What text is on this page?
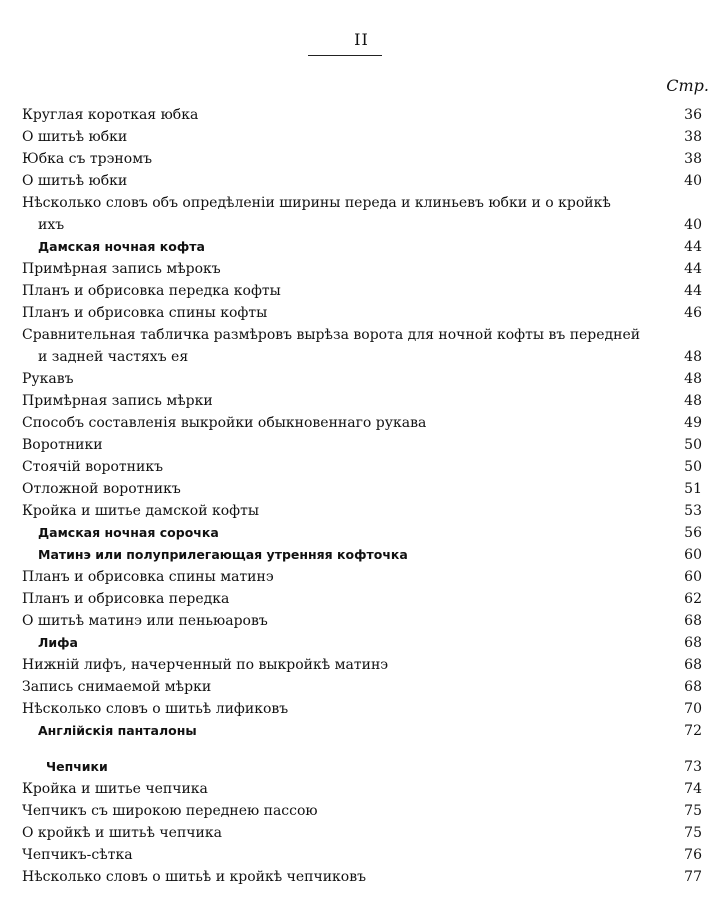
II
Стр.
Круглая короткая юбка . . .	36
О шитьѣ юбки . . .	38
Юбка съ трэномъ . . .	38
О шитьѣ юбки . . .	40
Нѣсколько словъ объ опредѣленіи ширины переда и клиньевъ юбки и о кройкѣ
ихъ . . .	40
Дамская ночная кофта . . .	44
Примѣрная запись мѣрокъ . . .	44
Планъ и обрисовка передка кофты . . .	44
Планъ и обрисовка спины кофты . . .	46
Сравнительная табличка размѣровъ вырѣза ворота для ночной кофты въ передней
и задней частяхъ ея . . .	48
Рукавъ . . .	48
Примѣрная запись мѣрки . . .	48
Способъ составленія выкройки обыкновеннаго рукава . . .	49
Воротники . . .	50
Стоячій воротникъ . . .	50
Отложной воротникъ . . .	51
Кройка и шитье дамской кофты . . .	53
Дамская ночная сорочка . . .	56
Матинэ или полуприлегающая утренняя кофточка . . .	60
Планъ и обрисовка спины матинэ . . .	60
Планъ и обрисовка передка . . .	62
О шитьѣ матинэ или пеньюаровъ . . .	68
Лифа . . .	68
Нижній лифъ, начерченный по выкройкѣ матинэ . . .	68
Запись снимаемой мѣрки . . .	68
Нѣсколько словъ о шитьѣ лификовъ . . .	70
Англійскія панталоны . . .	72
Чепчики . . .	73
Кройка и шитье чепчика . . .	74
Чепчикъ съ широкою переднею пассою . . .	75
О кройкѣ и шитьѣ чепчика . . .	75
Чепчикъ-сѣтка . . .	76
Нѣсколько словъ о шитьѣ и кройкѣ чепчиковъ . . .	77
